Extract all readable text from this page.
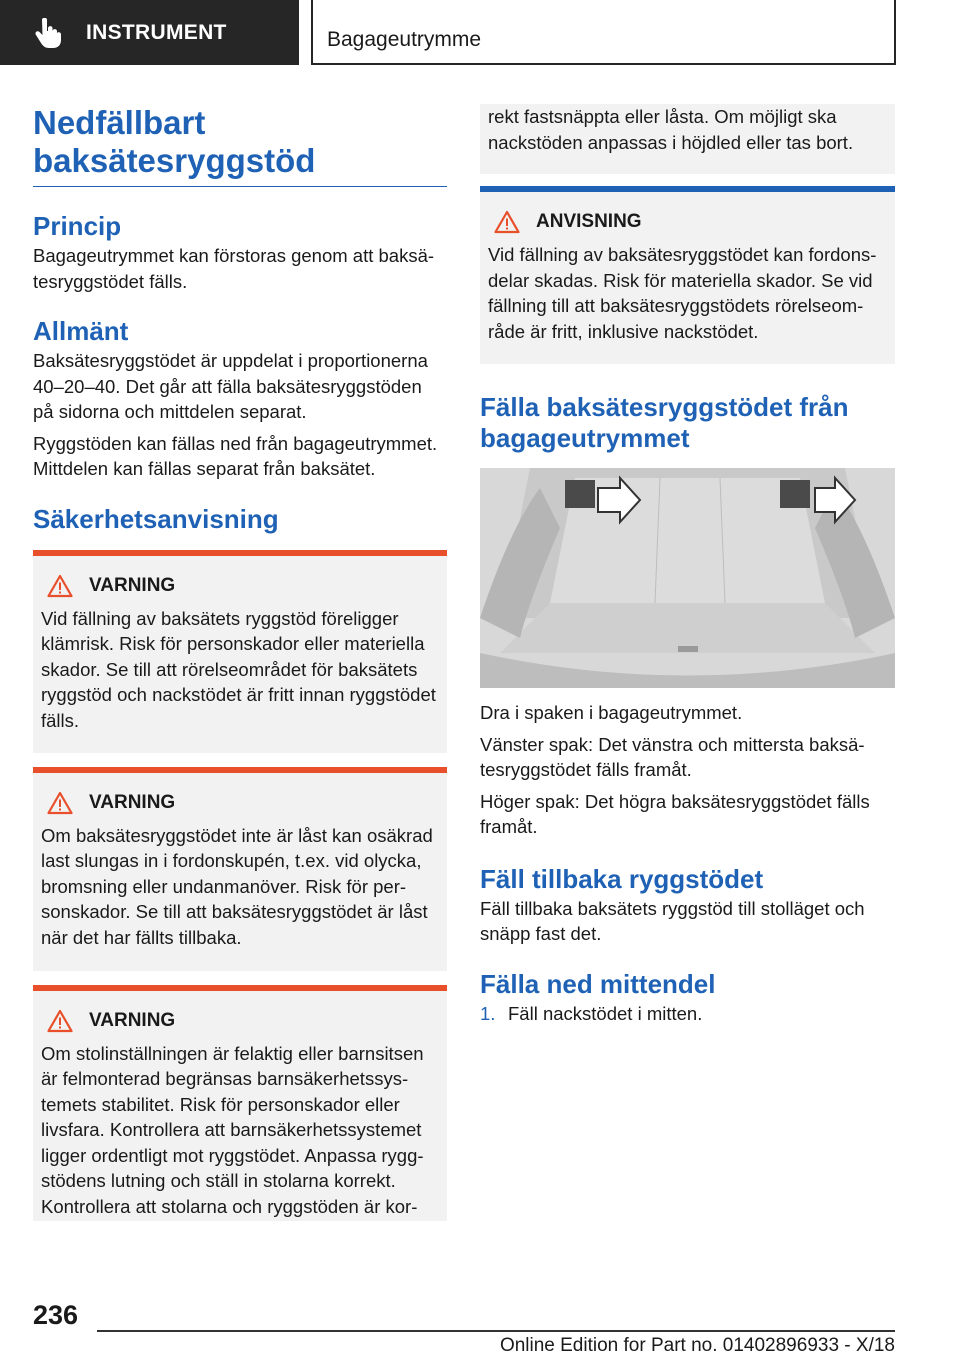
INSTRUMENT	Bagageutrymme
Nedfällbart baksätesryggstöd
Princip

Bagageutrymmet kan förstoras genom att baksätesryggstödet fälls.

Allmänt

Baksätesryggstödet är uppdelat i proportionerna 40–20–40. Det går att fälla baksätesryggstöden på sidorna och mittdelen separat.

Ryggstöden kan fällas ned från bagageutrymmet. Mittdelen kan fällas separat från baksätet.

Säkerhetsanvisning
VARNING

Vid fällning av baksätets ryggstöd föreligger klämrisk. Risk för personskador eller materiella skador. Se till att rörelseområdet för baksätets ryggstöd och nackstödet är fritt innan ryggstödet fälls.

VARNING

Om baksätesryggstödet inte är låst kan osäkrad last slungas in i fordonskupén, t.ex. vid olycka, bromsning eller undanmanöver. Risk för personskador. Se till att baksätesryggstödet är låst när det har fällts tillbaka.

VARNING

Om stolinställningen är felaktig eller barnsitsen är felmonterad begränsas barnsäkerhetssystemets stabilitet. Risk för personskador eller livsfara. Kontrollera att barnsäkerhetssystemet ligger ordentligt mot ryggstödet. Anpassa ryggstödens lutning och ställ in stolarna korrekt. Kontrollera att stolarna och ryggstöden är kor-

rekt fastsnäppta eller låsta. Om möjligt ska nackstöden anpassas i höjdled eller tas bort.

ANVISNING

Vid fällning av baksätesryggstödet kan fordonsdelar skadas. Risk för materiella skador. Se vid fällning till att baksätesryggstödets rörelseområde är fritt, inklusive nackstödet.

Fälla baksätesryggstödet från bagageutrymmet

Dra i spaken i bagageutrymmet.

Vänster spak: Det vänstra och mittersta baksätesryggstödet fälls framåt.

Höger spak: Det högra baksätesryggstödet fälls framåt.

Fäll tillbaka ryggstödet

Fäll tillbaka baksätets ryggstöd till stolläget och snäpp fast det.

Fälla ned mittendel
1. Fäll nackstödet i mitten.
236
Online Edition for Part no. 01402896933 - X/18
